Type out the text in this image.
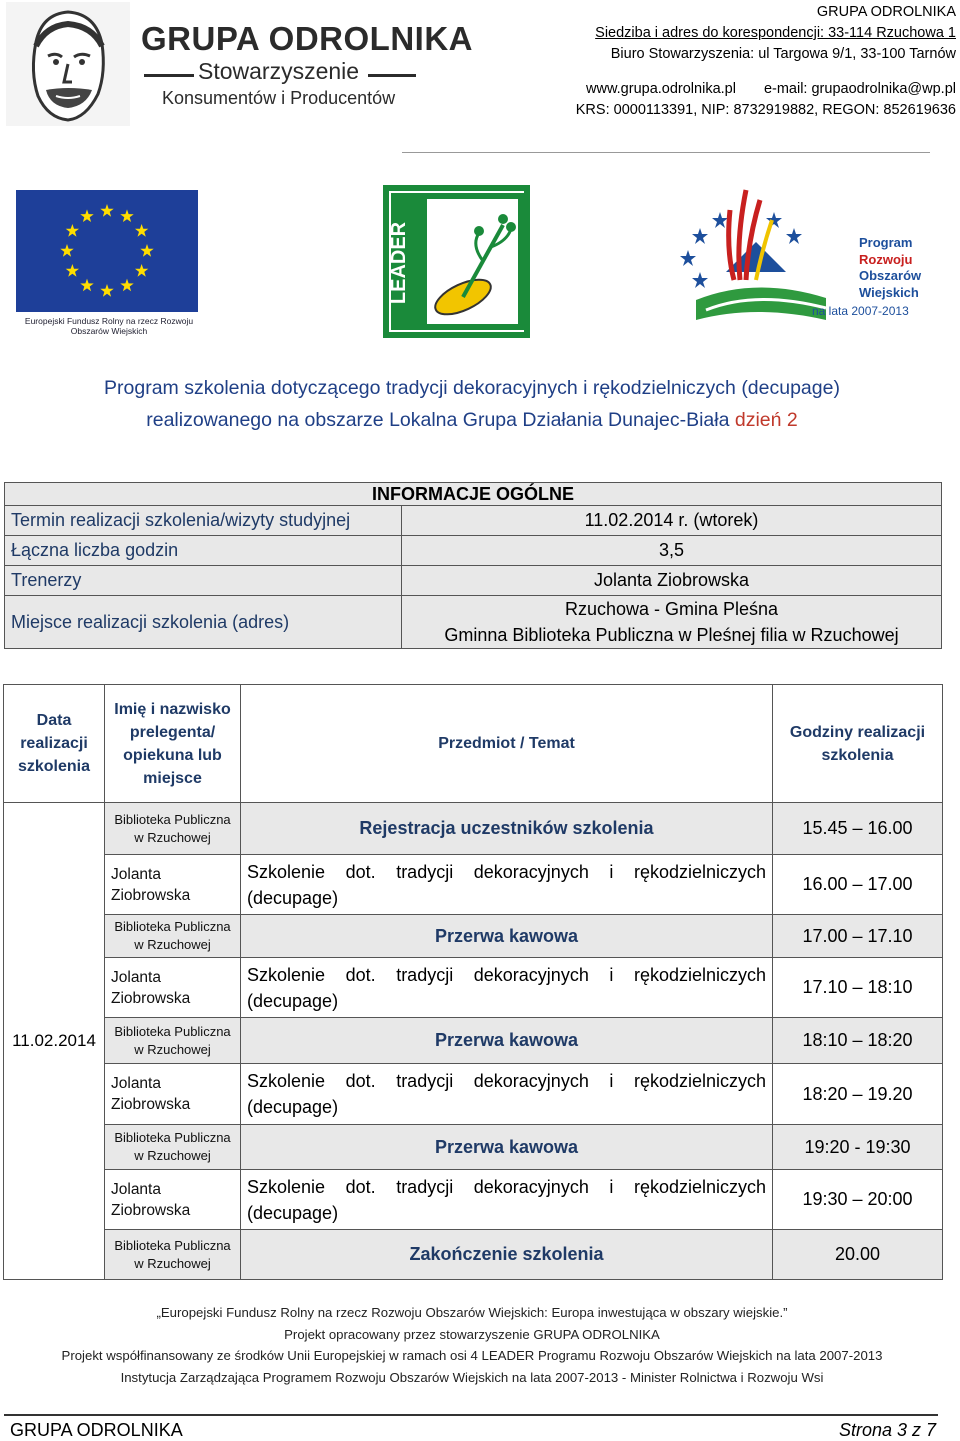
GRUPA ODROLNIKA
Stowarzyszenie
Konsumentów i Producentów
GRUPA ODROLNIKA
Siedziba i adres do korespondencji: 33-114 Rzuchowa 1
Biuro Stowarzyszenia: ul Targowa 9/1, 33-100 Tarnów
www.grupa.odrolnika.pl e-mail: grupaodrolnika@wp.pl
KRS: 0000113391, NIP: 8732919882, REGON: 852619636
Europejski Fundusz Rolny na rzecz Rozwoju Obszarów Wiejskich
LEADER	Program
Rozwoju
Obszarów
Wiejskich
na lata 2007-2013
Program szkolenia dotyczącego tradycji dekoracyjnych i rękodzielniczych (decupage)
realizowanego na obszarze Lokalna Grupa Działania Dunajec-Biała dzień 2
INFORMACJE OGÓLNE	
Termin realizacji szkolenia/wizyty studyjnej	11.02.2014 r. (wtorek)
Łączna liczba godzin	3,5
Trenerzy	Jolanta Ziobrowska
Miejsce realizacji szkolenia (adres)	Rzuchowa - Gmina Pleśna
Gminna Biblioteka Publiczna w Pleśnej filia w Rzuchowej
Data realizacji szkolenia	Imię i nazwisko prelegenta/ opiekuna lub miejsce	Przedmiot / Temat	Godziny realizacji szkolenia
11.02.2014	Biblioteka Publiczna w Rzuchowej	Rejestracja uczestników szkolenia	15.45 – 16.00
	Jolanta Ziobrowska	Szkolenie dot. tradycji dekoracyjnych i rękodzielniczych (decupage)	16.00 – 17.00
	Biblioteka Publiczna w Rzuchowej	Przerwa kawowa	17.00 – 17.10
	Jolanta Ziobrowska	Szkolenie dot. tradycji dekoracyjnych i rękodzielniczych (decupage)	17.10 – 18:10
	Biblioteka Publiczna w Rzuchowej	Przerwa kawowa	18:10 – 18:20
	Jolanta Ziobrowska	Szkolenie dot. tradycji dekoracyjnych i rękodzielniczych (decupage)	18:20 – 19.20
	Biblioteka Publiczna w Rzuchowej	Przerwa kawowa	19:20 - 19:30
	Jolanta Ziobrowska	Szkolenie dot. tradycji dekoracyjnych i rękodzielniczych (decupage)	19:30 – 20:00
	Biblioteka Publiczna w Rzuchowej	Zakończenie szkolenia	20.00
„Europejski Fundusz Rolny na rzecz Rozwoju Obszarów Wiejskich: Europa inwestująca w obszary wiejskie.”
Projekt opracowany przez stowarzyszenie GRUPA ODROLNIKA
Projekt współfinansowany ze środków Unii Europejskiej w ramach osi 4 LEADER Programu Rozwoju Obszarów Wiejskich na lata 2007-2013
Instytucja Zarządzająca Programem Rozwoju Obszarów Wiejskich na lata 2007-2013 - Minister Rolnictwa i Rozwoju Wsi
GRUPA ODROLNIKA	Strona 3 z 7
